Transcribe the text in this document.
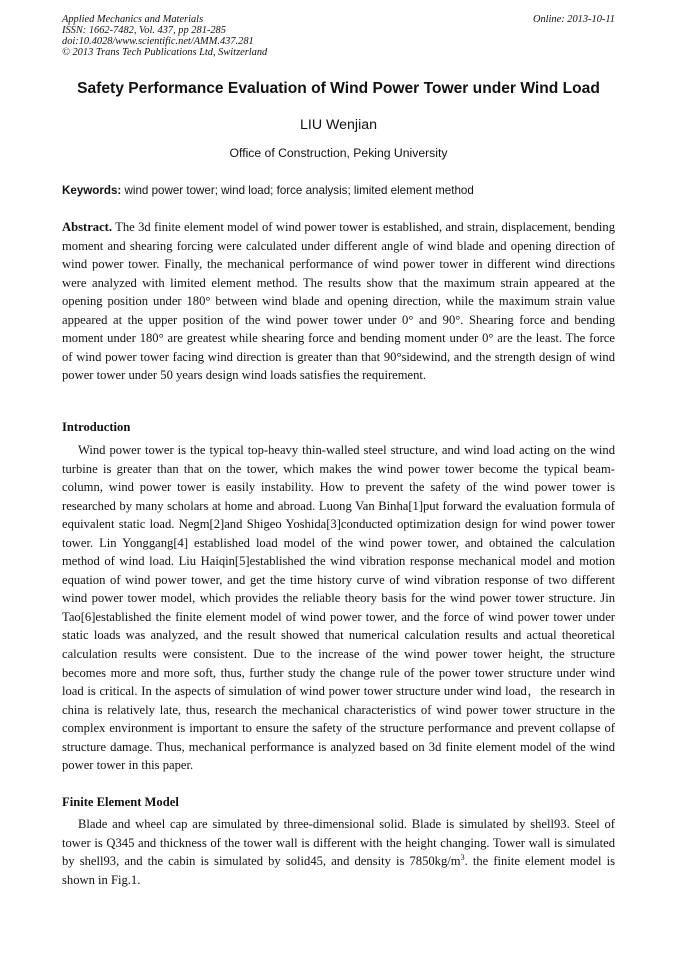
Applied Mechanics and Materials
ISSN: 1662-7482, Vol. 437, pp 281-285
doi:10.4028/www.scientific.net/AMM.437.281
© 2013 Trans Tech Publications Ltd, Switzerland
Online: 2013-10-11
Safety Performance Evaluation of Wind Power Tower under Wind Load
LIU Wenjian
Office of Construction, Peking University
Keywords: wind power tower; wind load; force analysis; limited element method
Abstract. The 3d finite element model of wind power tower is established, and strain, displacement, bending moment and shearing forcing were calculated under different angle of wind blade and opening direction of wind power tower. Finally, the mechanical performance of wind power tower in different wind directions were analyzed with limited element method. The results show that the maximum strain appeared at the opening position under 180° between wind blade and opening direction, while the maximum strain value appeared at the upper position of the wind power tower under 0° and 90°. Shearing force and bending moment under 180° are greatest while shearing force and bending moment under 0° are the least. The force of wind power tower facing wind direction is greater than that 90°sidewind, and the strength design of wind power tower under 50 years design wind loads satisfies the requirement.
Introduction
Wind power tower is the typical top-heavy thin-walled steel structure, and wind load acting on the wind turbine is greater than that on the tower, which makes the wind power tower become the typical beam-column, wind power tower is easily instability. How to prevent the safety of the wind power tower is researched by many scholars at home and abroad. Luong Van Binha[1]put forward the evaluation formula of equivalent static load. Negm[2]and Shigeo Yoshida[3]conducted optimization design for wind power tower tower. Lin Yonggang[4] established load model of the wind power tower, and obtained the calculation method of wind load. Liu Haiqin[5]established the wind vibration response mechanical model and motion equation of wind power tower, and get the time history curve of wind vibration response of two different wind power tower model, which provides the reliable theory basis for the wind power tower structure. Jin Tao[6]established the finite element model of wind power tower, and the force of wind power tower under static loads was analyzed, and the result showed that numerical calculation results and actual theoretical calculation results were consistent. Due to the increase of the wind power tower height, the structure becomes more and more soft, thus, further study the change rule of the power tower structure under wind load is critical. In the aspects of simulation of wind power tower structure under wind load，the research in china is relatively late, thus, research the mechanical characteristics of wind power tower structure in the complex environment is important to ensure the safety of the structure performance and prevent collapse of structure damage. Thus, mechanical performance is analyzed based on 3d finite element model of the wind power tower in this paper.
Finite Element Model
Blade and wheel cap are simulated by three-dimensional solid. Blade is simulated by shell93. Steel of tower is Q345 and thickness of the tower wall is different with the height changing. Tower wall is simulated by shell93, and the cabin is simulated by solid45, and density is $7850kg/m^3$. the finite element model is shown in Fig.1.
